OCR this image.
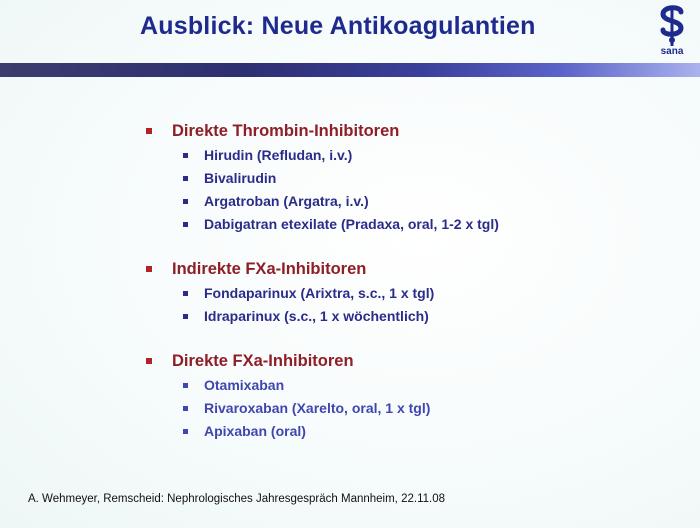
Ausblick: Neue Antikoagulantien
sana
Direkte Thrombin-Inhibitoren
Hirudin (Refludan, i.v.)
Bivalirudin
Argatroban (Argatra, i.v.)
Dabigatran etexilate (Pradaxa, oral, 1-2 x tgl)
Indirekte FXa-Inhibitoren
Fondaparinux (Arixtra, s.c., 1 x tgl)
Idraparinux (s.c., 1 x wöchentlich)
Direkte FXa-Inhibitoren
Otamixaban
Rivaroxaban (Xarelto, oral, 1 x tgl)
Apixaban (oral)
A. Wehmeyer, Remscheid: Nephrologisches Jahresgespräch Mannheim, 22.11.08
